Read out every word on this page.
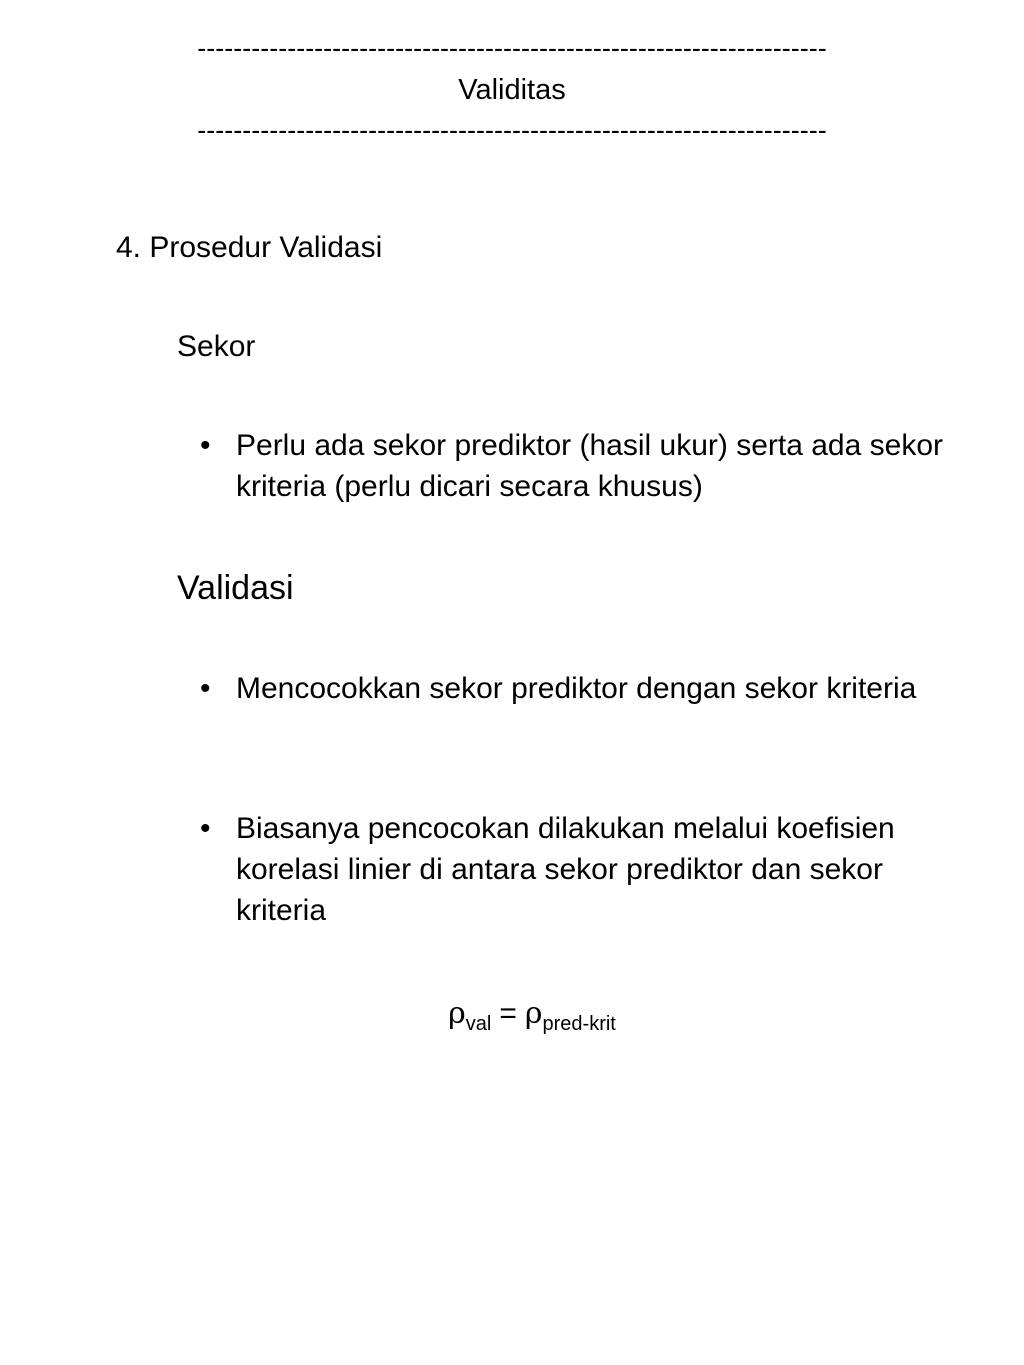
----------------------------------------------------------------------
Validitas
----------------------------------------------------------------------
4. Prosedur Validasi
Sekor
• Perlu ada sekor prediktor (hasil ukur) serta ada sekor kriteria (perlu dicari secara khusus)
Validasi
• Mencocokkan sekor prediktor dengan sekor kriteria
• Biasanya pencocokan dilakukan melalui koefisien korelasi linier di antara sekor prediktor dan sekor kriteria
$\rho_{val} = \rho_{pred-krit}$
